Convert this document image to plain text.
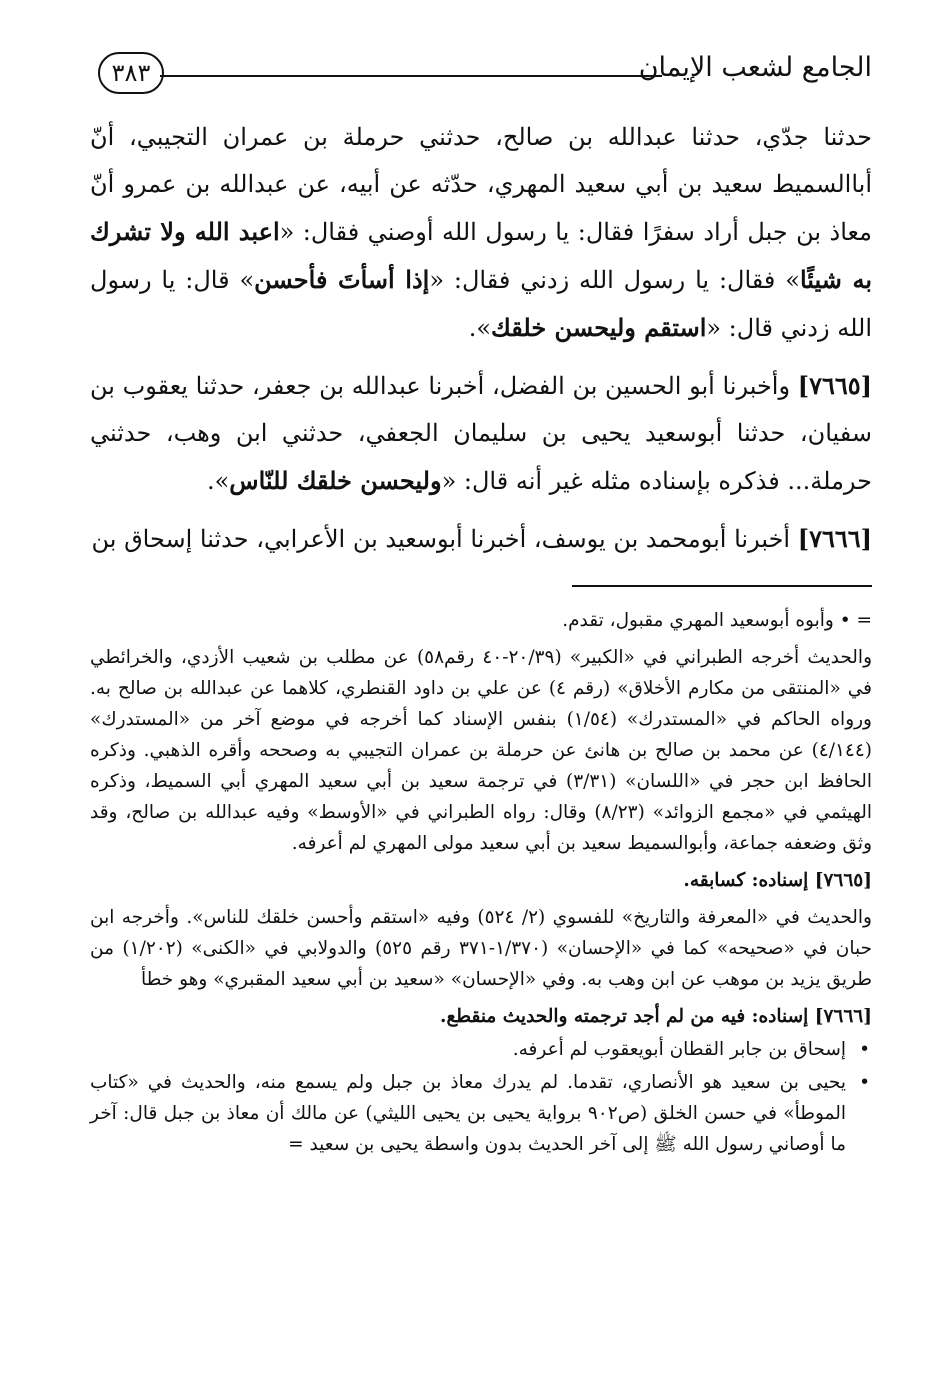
الجامع لشعب الإيمان
٣٨٣

حدثنا جدّي، حدثنا عبدالله بن صالح، حدثني حرملة بن عمران التجيبي، أنّ أباالسميط سعيد بن أبي سعيد المهري، حدّثه عن أبيه، عن عبدالله بن عمرو أنّ معاذ بن جبل أراد سفرًا فقال: يا رسول الله أوصني فقال: «اعبد الله ولا تشرك به شيئًا» فقال: يا رسول الله زدني فقال: «إذا أسأتَ فأحسن» قال: يا رسول الله زدني قال: «استقم وليحسن خلقك».

[٧٦٦٥] وأخبرنا أبو الحسين بن الفضل، أخبرنا عبدالله بن جعفر، حدثنا يعقوب بن سفيان، حدثنا أبوسعيد يحيى بن سليمان الجعفي، حدثني ابن وهب، حدثني حرملة... فذكره بإسناده مثله غير أنه قال: «وليحسن خلقك للنّاس».

[٧٦٦٦] أخبرنا أبومحمد بن يوسف، أخبرنا أبوسعيد بن الأعرابي، حدثنا إسحاق بن

= • وأبوه أبوسعيد المهري مقبول، تقدم.

والحديث أخرجه الطبراني في «الكبير» (٢٠/٣٩-٤٠ رقم٥٨) عن مطلب بن شعيب الأزدي، والخرائطي في «المنتقى من مكارم الأخلاق» (رقم ٤) عن علي بن داود القنطري، كلاهما عن عبدالله بن صالح به. ورواه الحاكم في «المستدرك» (١/٥٤) بنفس الإسناد كما أخرجه في موضع آخر من «المستدرك» (٤/١٤٤) عن محمد بن صالح بن هانئ عن حرملة بن عمران التجيبي به وصححه وأقره الذهبي. وذكره الحافظ ابن حجر في «اللسان» (٣/٣١) في ترجمة سعيد بن أبي سعيد المهري أبي السميط، وذكره الهيثمي في «مجمع الزوائد» (٨/٢٣) وقال: رواه الطبراني في «الأوسط» وفيه عبدالله بن صالح، وقد وثق وضعفه جماعة، وأبوالسميط سعيد بن أبي سعيد مولى المهري لم أعرفه.

[٧٦٦٥] إسناده: كسابقه.

والحديث في «المعرفة والتاريخ» للفسوي (٢/ ٥٢٤) وفيه «استقم وأحسن خلقك للناس». وأخرجه ابن حبان في «صحيحه» كما في «الإحسان» (١/٣٧٠-٣٧١ رقم ٥٢٥) والدولابي في «الكنى» (١/٢٠٢) من طريق يزيد بن موهب عن ابن وهب به. وفي «الإحسان» «سعيد بن أبي سعيد المقبري» وهو خطأ

[٧٦٦٦] إسناده: فيه من لم أجد ترجمته والحديث منقطع.

•
إسحاق بن جابر القطان أبويعقوب لم أعرفه.

•
يحيى بن سعيد هو الأنصاري، تقدما. لم يدرك معاذ بن جبل ولم يسمع منه، والحديث في «كتاب الموطأ» في حسن الخلق (ص٩٠٢ برواية يحيى بن يحيى الليثي) عن مالك أن معاذ بن جبل قال: آخر ما أوصاني رسول الله ﷺ إلى آخر الحديث بدون واسطة يحيى بن سعيد =
